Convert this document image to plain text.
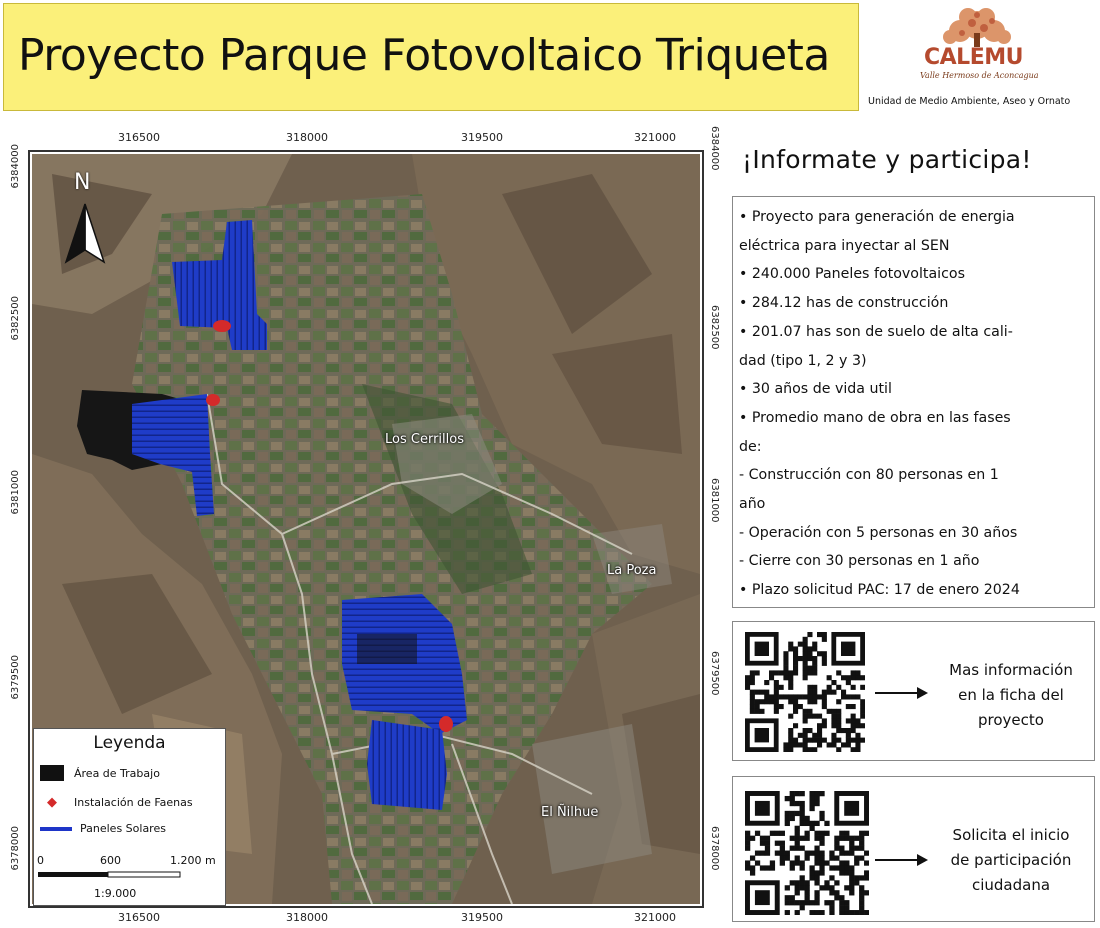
Proyecto Parque Fotovoltaico Triqueta	CALEMU
Valle Hermoso de Aconcagua
Unidad de Medio Ambiente, Aseo y Ornato
316500	318000	319500	321000
316500	318000	319500	321000
6384000
6382500
6381000
6379500
6378000
6384000
6382500
6381000
6379500
6378000
N
Los Cerrillos
La Poza
El Ñilhue
Leyenda
Área de Trabajo
◆	Instalación de Faenas
Paneles Solares
0	600	1.200 m
1:9.000
¡Informate y participa!
• Proyecto para generación de energia
eléctrica para inyectar al SEN
• 240.000 Paneles fotovoltaicos
• 284.12 has de construcción
• 201.07 has son de suelo de alta cali-
dad (tipo 1, 2 y 3)
• 30 años de vida util
• Promedio mano de obra en las fases
de:
- Construcción con 80 personas en 1
año
- Operación con 5 personas en 30 años
- Cierre con 30 personas en 1 año
• Plazo solicitud PAC: 17 de enero 2024
Mas información
en la ficha del
proyecto
Solicita el inicio
de participación
ciudadana
